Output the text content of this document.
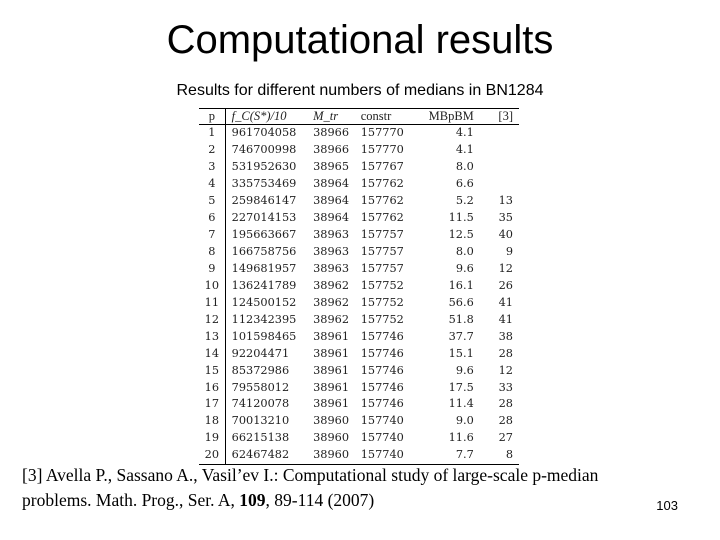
Computational results
Results for different numbers of medians in BN1284
p	f_C(S*)/10	M_tr	constr	MBpBM	[3]
1	961704058	38966	157770	4.1	
2	746700998	38966	157770	4.1	
3	531952630	38965	157767	8.0	
4	335753469	38964	157762	6.6	
5	259846147	38964	157762	5.2	13
6	227014153	38964	157762	11.5	35
7	195663667	38963	157757	12.5	40
8	166758756	38963	157757	8.0	9
9	149681957	38963	157757	9.6	12
10	136241789	38962	157752	16.1	26
11	124500152	38962	157752	56.6	41
12	112342395	38962	157752	51.8	41
13	101598465	38961	157746	37.7	38
14	92204471	38961	157746	15.1	28
15	85372986	38961	157746	9.6	12
16	79558012	38961	157746	17.5	33
17	74120078	38961	157746	11.4	28
18	70013210	38960	157740	9.0	28
19	66215138	38960	157740	11.6	27
20	62467482	38960	157740	7.7	8
[3] Avella P., Sassano A., Vasil’ev I.: Computational study of large-scale p-median
problems. Math. Prog., Ser. A, 109, 89-114 (2007)	103
